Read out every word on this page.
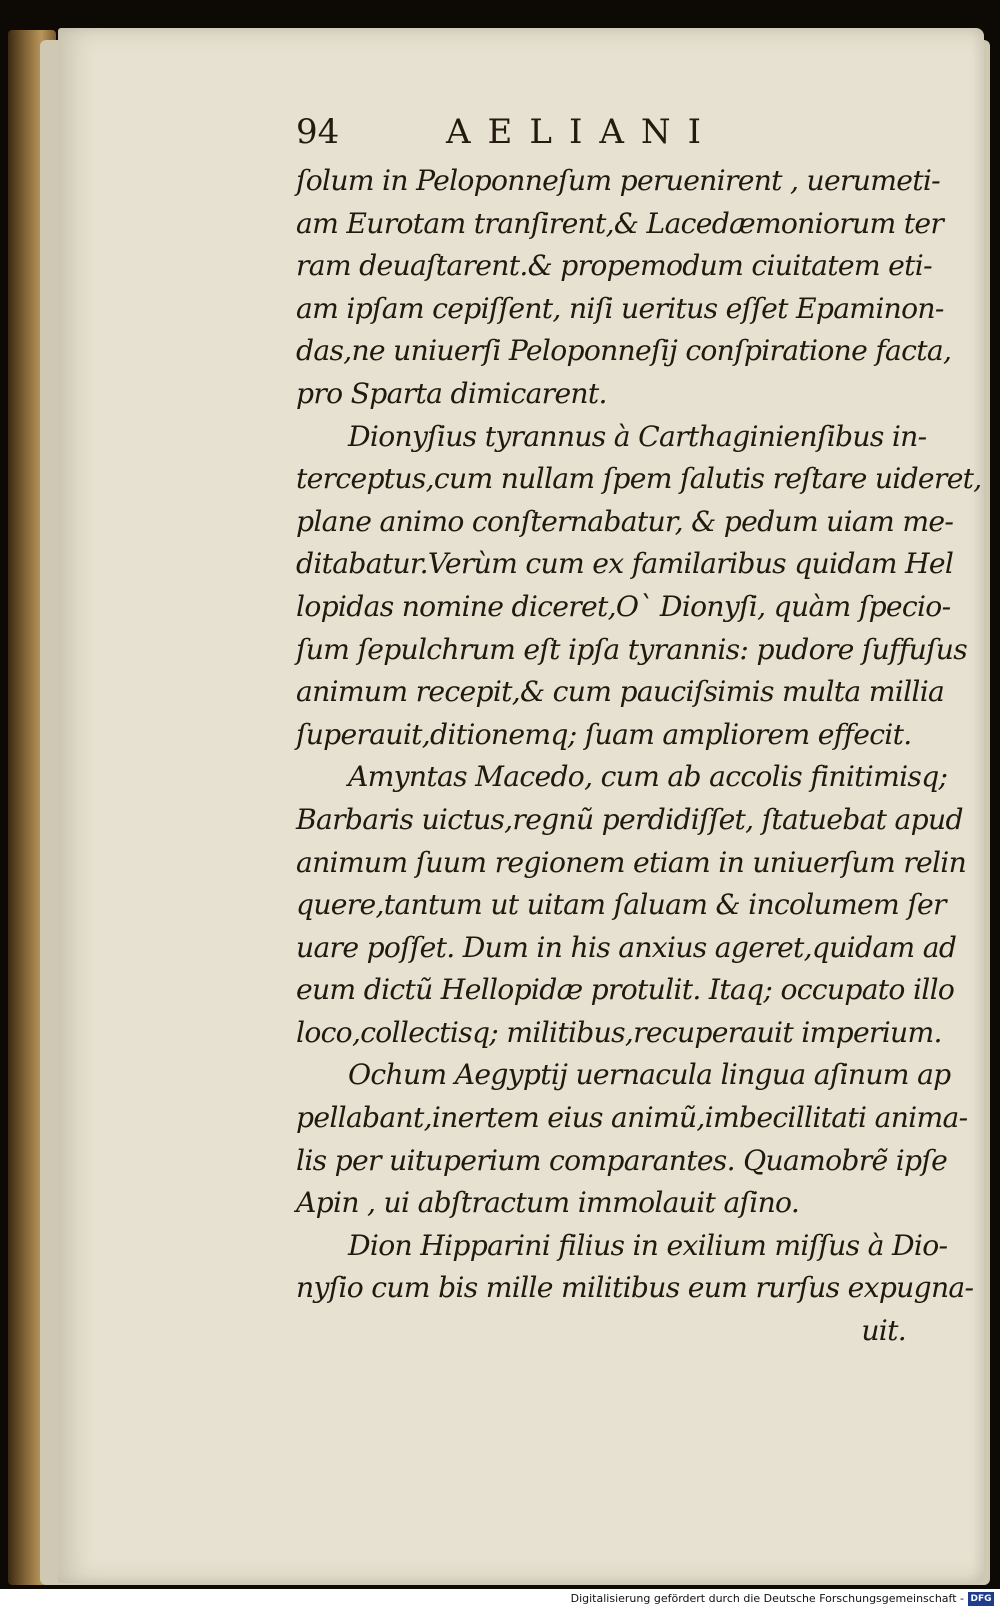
94	AELIANI
ſolum in Peloponneſum peruenirent , uerumeti-
am Eurotam tranſirent,& Lacedæmoniorum ter
ram deuaſtarent.& propemodum ciuitatem eti-
am ipſam cepiſſent, niſi ueritus eſſet Epaminon-
das,ne uniuerſi Peloponneſij conſpiratione facta,
pro Sparta dimicarent.
Dionyſius tyrannus à Carthaginienſibus in-
terceptus,cum nullam ſpem ſalutis reſtare uideret,
plane animo conſternabatur, & pedum uiam me-
ditabatur.Verùm cum ex familaribus quidam Hel
lopidas nomine diceret,O` Dionyſi, quàm ſpecio-
ſum ſepulchrum eſt ipſa tyrannis: pudore ſuffuſus
animum recepit,& cum pauciſsimis multa millia
ſuperauit,ditionemq; ſuam ampliorem effecit.
Amyntas Macedo, cum ab accolis finitimisq;
Barbaris uictus,regnũ perdidiſſet, ſtatuebat apud
animum ſuum regionem etiam in uniuerſum relin
quere,tantum ut uitam ſaluam & incolumem ſer
uare poſſet. Dum in his anxius ageret,quidam ad
eum dictũ Hellopidæ protulit. Itaq; occupato illo
loco,collectisq; militibus,recuperauit imperium.
Ochum Aegyptij uernacula lingua aſinum ap
pellabant,inertem eius animũ,imbecillitati anima-
lis per uituperium comparantes. Quamobrẽ ipſe
Apin , ui abſtractum immolauit aſino.
Dion Hipparini filius in exilium miſſus à Dio-
nyſio cum bis mille militibus eum rurſus expugna-
uit.
Digitalisierung gefördert durch die Deutsche Forschungsgemeinschaft - DFG
